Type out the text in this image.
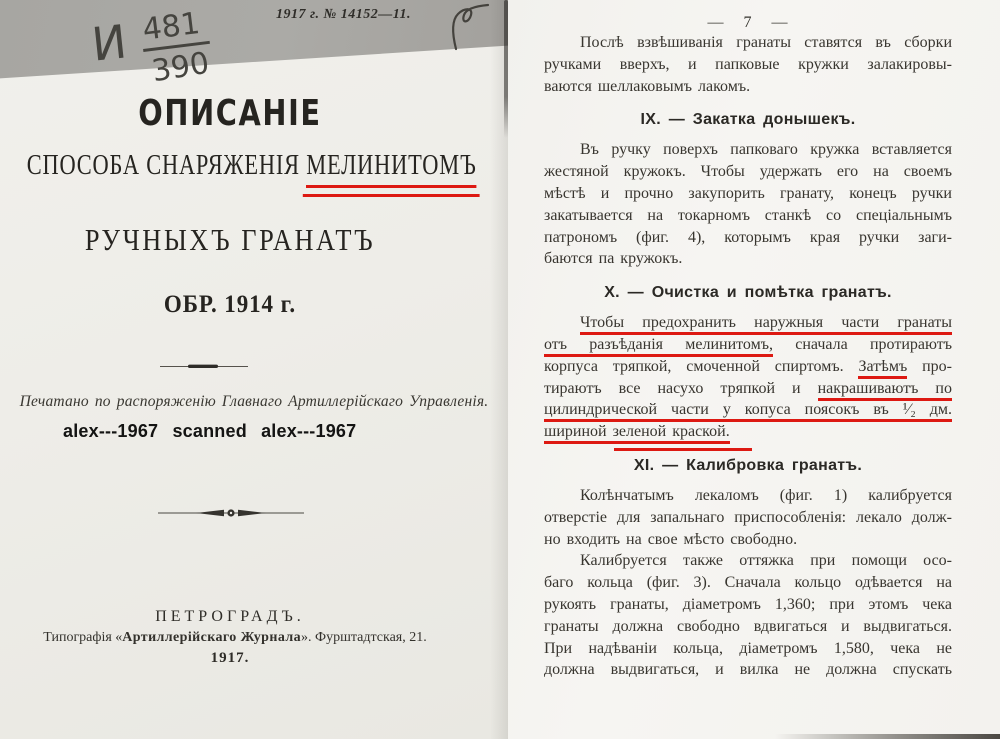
1917 г. № 14152—11.
И 481
390
ОПИСАНІЕ
СПОСОБА СНАРЯЖЕНІЯ МЕЛИНИТОМЪ
РУЧНЫХЪ ГРАНАТЪ
ОБР. 1914 г.
Печатано по распоряженію Главнаго Артиллерійскаго Управленія.
alex---1967 scanned alex---1967
ПЕТРОГРАДЪ.
Типографія «Артиллерійскаго Журнала». Фурштадтская, 21.
1917.
— 7 —
Послѣ взвѣшиванія гранаты ставятся въ сборки
ручками вверхъ, и папковые кружки залакировы-
ваются шеллаковымъ лакомъ.
IX. — Закатка донышекъ.
Въ ручку поверхъ папковаго кружка вставляется
жестяной кружокъ. Чтобы удержать его на своемъ
мѣстѣ и прочно закупорить гранату, конецъ ручки
закатывается на токарномъ станкѣ со спеціальнымъ
патрономъ (фиг. 4), которымъ края ручки заги-
баются па кружокъ.
X. — Очистка и помѣтка гранатъ.
Чтобы предохранить наружныя части гранаты
отъ разъѣданія мелинитомъ, сначала протираютъ
корпуса тряпкой, смоченной спиртомъ. Затѣмъ про-
тираютъ все насухо тряпкой и накрашиваютъ по
цилиндрической части у копуса поясокъ въ ¹⁄₂ дм.
шириной зеленой краской.
XI. — Калибровка гранатъ.
Колѣнчатымъ лекаломъ (фиг. 1) калибруется
отверстіе для запальнаго приспособленія: лекало долж-
но входить на свое мѣсто свободно.
Калибруется также оттяжка при помощи осо-
баго кольца (фиг. 3). Сначала кольцо одѣвается на
рукоять гранаты, діаметромъ 1,360; при этомъ чека
гранаты должна свободно вдвигаться и выдвигаться.
При надѣваніи кольца, діаметромъ 1,580, чека не
должна выдвигаться, и вилка не должна спускать
